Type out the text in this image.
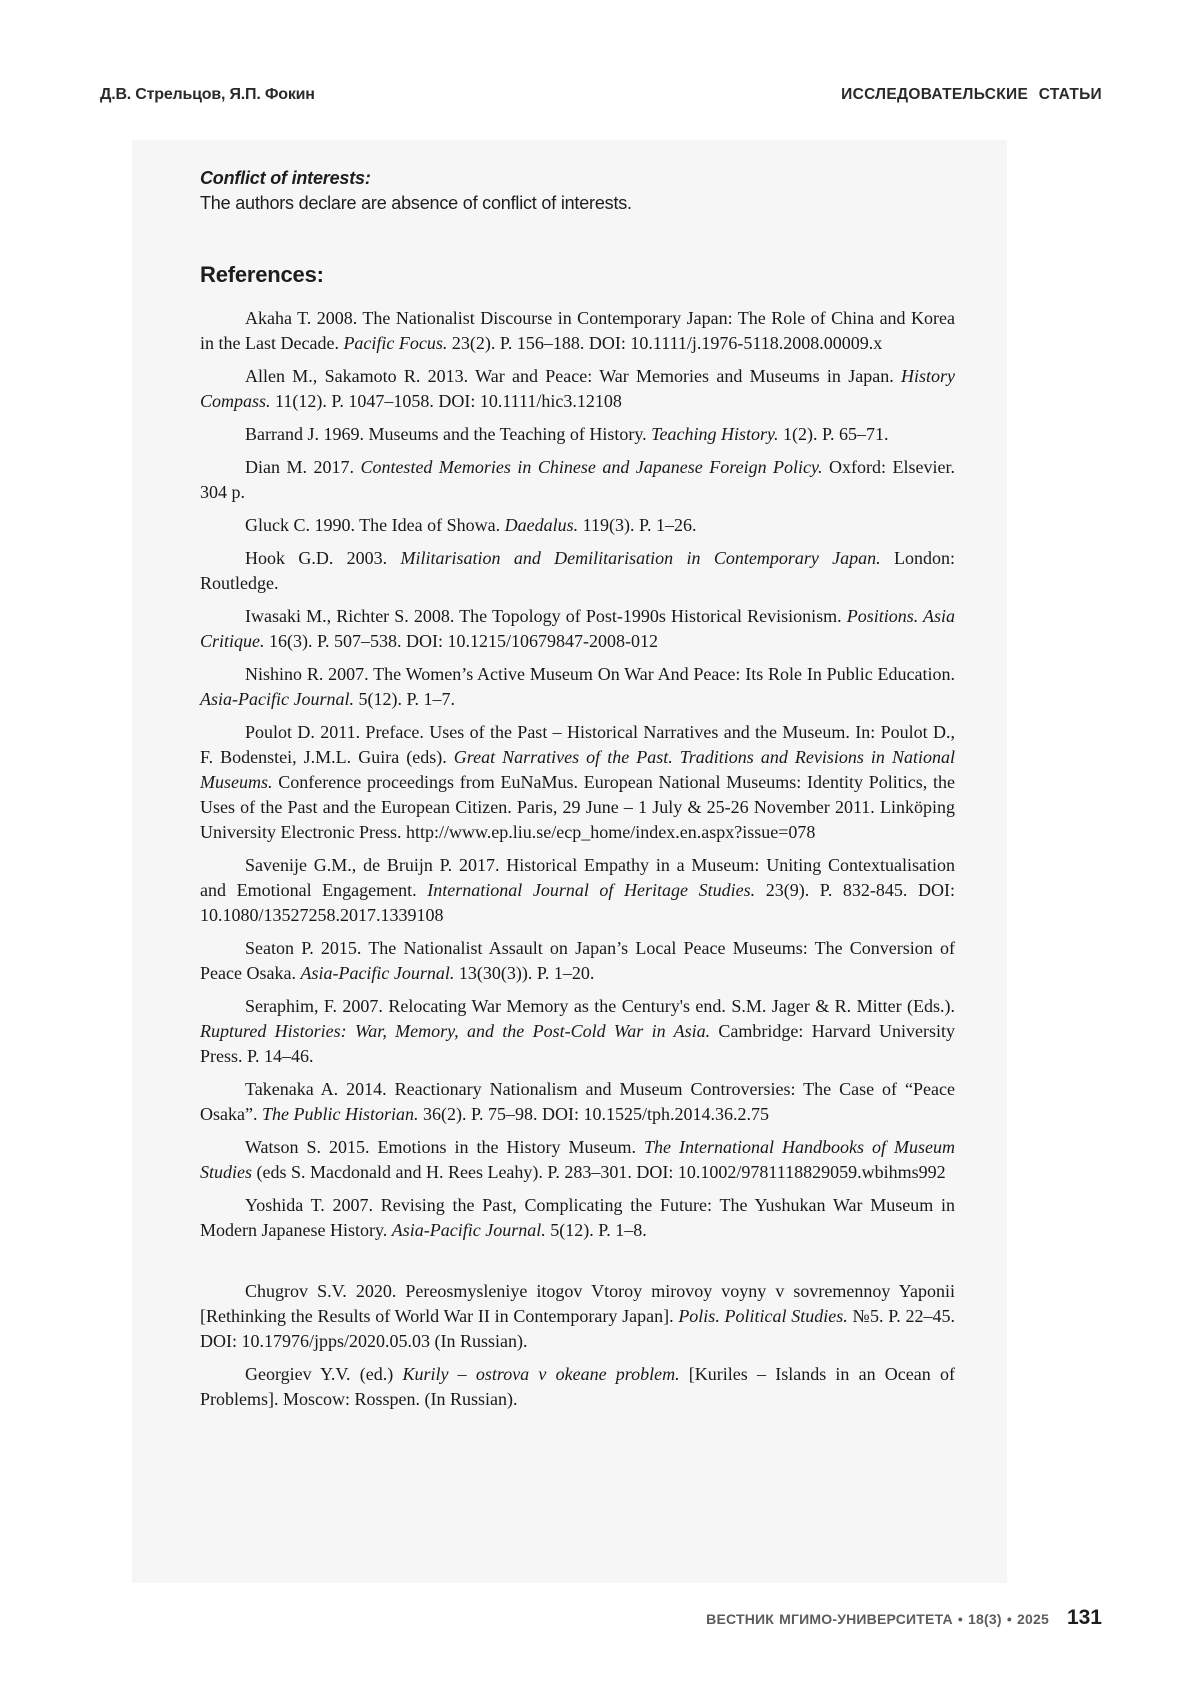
Д.В. Стрельцов, Я.П. Фокин	ИССЛЕДОВАТЕЛЬСКИЕ СТАТЬИ

Conflict of interests:

The authors declare are absence of conflict of interests.

References:

Akaha T. 2008. The Nationalist Discourse in Contemporary Japan: The Role of China and Korea in the Last Decade. Pacific Focus. 23(2). P. 156–188. DOI: 10.1111/j.1976-5118.2008.00009.x

Allen M., Sakamoto R. 2013. War and Peace: War Memories and Museums in Japan. History Compass. 11(12). P. 1047–1058. DOI: 10.1111/hic3.12108

Barrand J. 1969. Museums and the Teaching of History. Teaching History. 1(2). P. 65–71.

Dian M. 2017. Contested Memories in Chinese and Japanese Foreign Policy. Oxford: Elsevier. 304 p.

Gluck C. 1990. The Idea of Showa. Daedalus. 119(3). P. 1–26.

Hook G.D. 2003. Militarisation and Demilitarisation in Contemporary Japan. London: Routledge.

Iwasaki M., Richter S. 2008. The Topology of Post-1990s Historical Revisionism. Positions. Asia Critique. 16(3). P. 507–538. DOI: 10.1215/10679847-2008-012

Nishino R. 2007. The Women’s Active Museum On War And Peace: Its Role In Public Education. Asia-Pacific Journal. 5(12). P. 1–7.

Poulot D. 2011. Preface. Uses of the Past – Historical Narratives and the Museum. In: Poulot D., F. Bodenstei, J.M.L. Guira (eds). Great Narratives of the Past. Traditions and Revisions in National Museums. Conference proceedings from EuNaMus. European National Museums: Identity Politics, the Uses of the Past and the European Citizen. Paris, 29 June – 1 July & 25-26 November 2011. Linköping University Electronic Press. http://www.ep.liu.se/ecp_home/index.en.aspx?issue=078

Savenije G.M., de Bruijn P. 2017. Historical Empathy in a Museum: Uniting Contextualisation and Emotional Engagement. International Journal of Heritage Studies. 23(9). P. 832-845. DOI: 10.1080/13527258.2017.1339108

Seaton P. 2015. The Nationalist Assault on Japan’s Local Peace Museums: The Conversion of Peace Osaka. Asia-Pacific Journal. 13(30(3)). P. 1–20.

Seraphim, F. 2007. Relocating War Memory as the Century's end. S.M. Jager & R. Mitter (Eds.). Ruptured Histories: War, Memory, and the Post-Cold War in Asia. Cambridge: Harvard University Press. P. 14–46.

Takenaka A. 2014. Reactionary Nationalism and Museum Controversies: The Case of “Peace Osaka”. The Public Historian. 36(2). P. 75–98. DOI: 10.1525/tph.2014.36.2.75

Watson S. 2015. Emotions in the History Museum. The International Handbooks of Museum Studies (eds S. Macdonald and H. Rees Leahy). P. 283–301. DOI: 10.1002/9781118829059.wbihms992

Yoshida T. 2007. Revising the Past, Complicating the Future: The Yushukan War Museum in Modern Japanese History. Asia-Pacific Journal. 5(12). P. 1–8.

Chugrov S.V. 2020. Pereosmysleniye itogov Vtoroy mirovoy voyny v sovremennoy Yaponii [Rethinking the Results of World War II in Contemporary Japan]. Polis. Political Studies. №5. P. 22–45. DOI: 10.17976/jpps/2020.05.03 (In Russian).

Georgiev Y.V. (ed.) Kurily – ostrova v okeane problem. [Kuriles – Islands in an Ocean of Problems]. Moscow: Rosspen. (In Russian).

ВЕСТНИК МГИМО-УНИВЕРСИТЕТА • 18(3) • 2025 131
